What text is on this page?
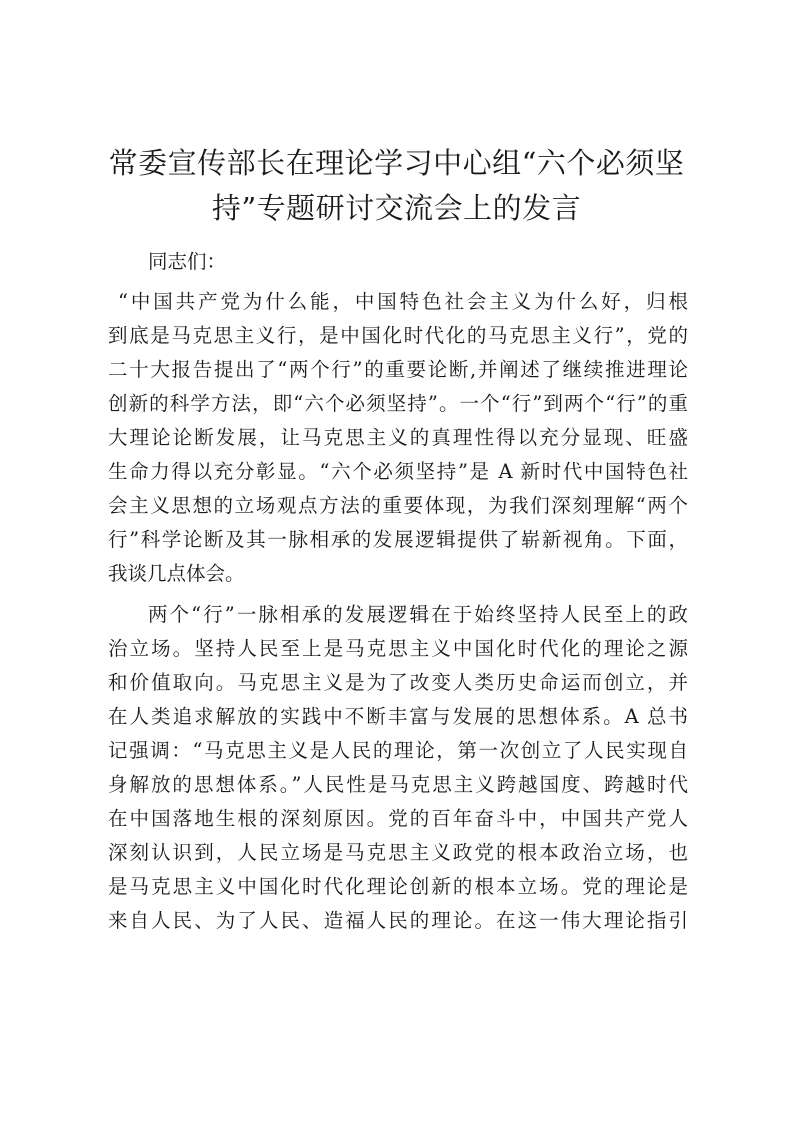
常委宣传部长在理论学习中心组“六个必须坚
持”专题研讨交流会上的发言
同志们：
“中国共产党为什么能，中国特色社会主义为什么好，归根
到底是马克思主义行，是中国化时代化的马克思主义行”，党的
二十大报告提出了“两个行”的重要论断,并阐述了继续推进理论
创新的科学方法，即“六个必须坚持”。一个“行”到两个“行”的重
大理论论断发展，让马克思主义的真理性得以充分显现、旺盛
生命力得以充分彰显。“六个必须坚持”是 A 新时代中国特色社
会主义思想的立场观点方法的重要体现，为我们深刻理解“两个
行”科学论断及其一脉相承的发展逻辑提供了崭新视角。下面，
我谈几点体会。
两个“行”一脉相承的发展逻辑在于始终坚持人民至上的政
治立场。坚持人民至上是马克思主义中国化时代化的理论之源
和价值取向。马克思主义是为了改变人类历史命运而创立，并
在人类追求解放的实践中不断丰富与发展的思想体系。A 总书
记强调：“马克思主义是人民的理论，第一次创立了人民实现自
身解放的思想体系。”人民性是马克思主义跨越国度、跨越时代
在中国落地生根的深刻原因。党的百年奋斗中，中国共产党人
深刻认识到，人民立场是马克思主义政党的根本政治立场，也
是马克思主义中国化时代化理论创新的根本立场。党的理论是
来自人民、为了人民、造福人民的理论。在这一伟大理论指引
